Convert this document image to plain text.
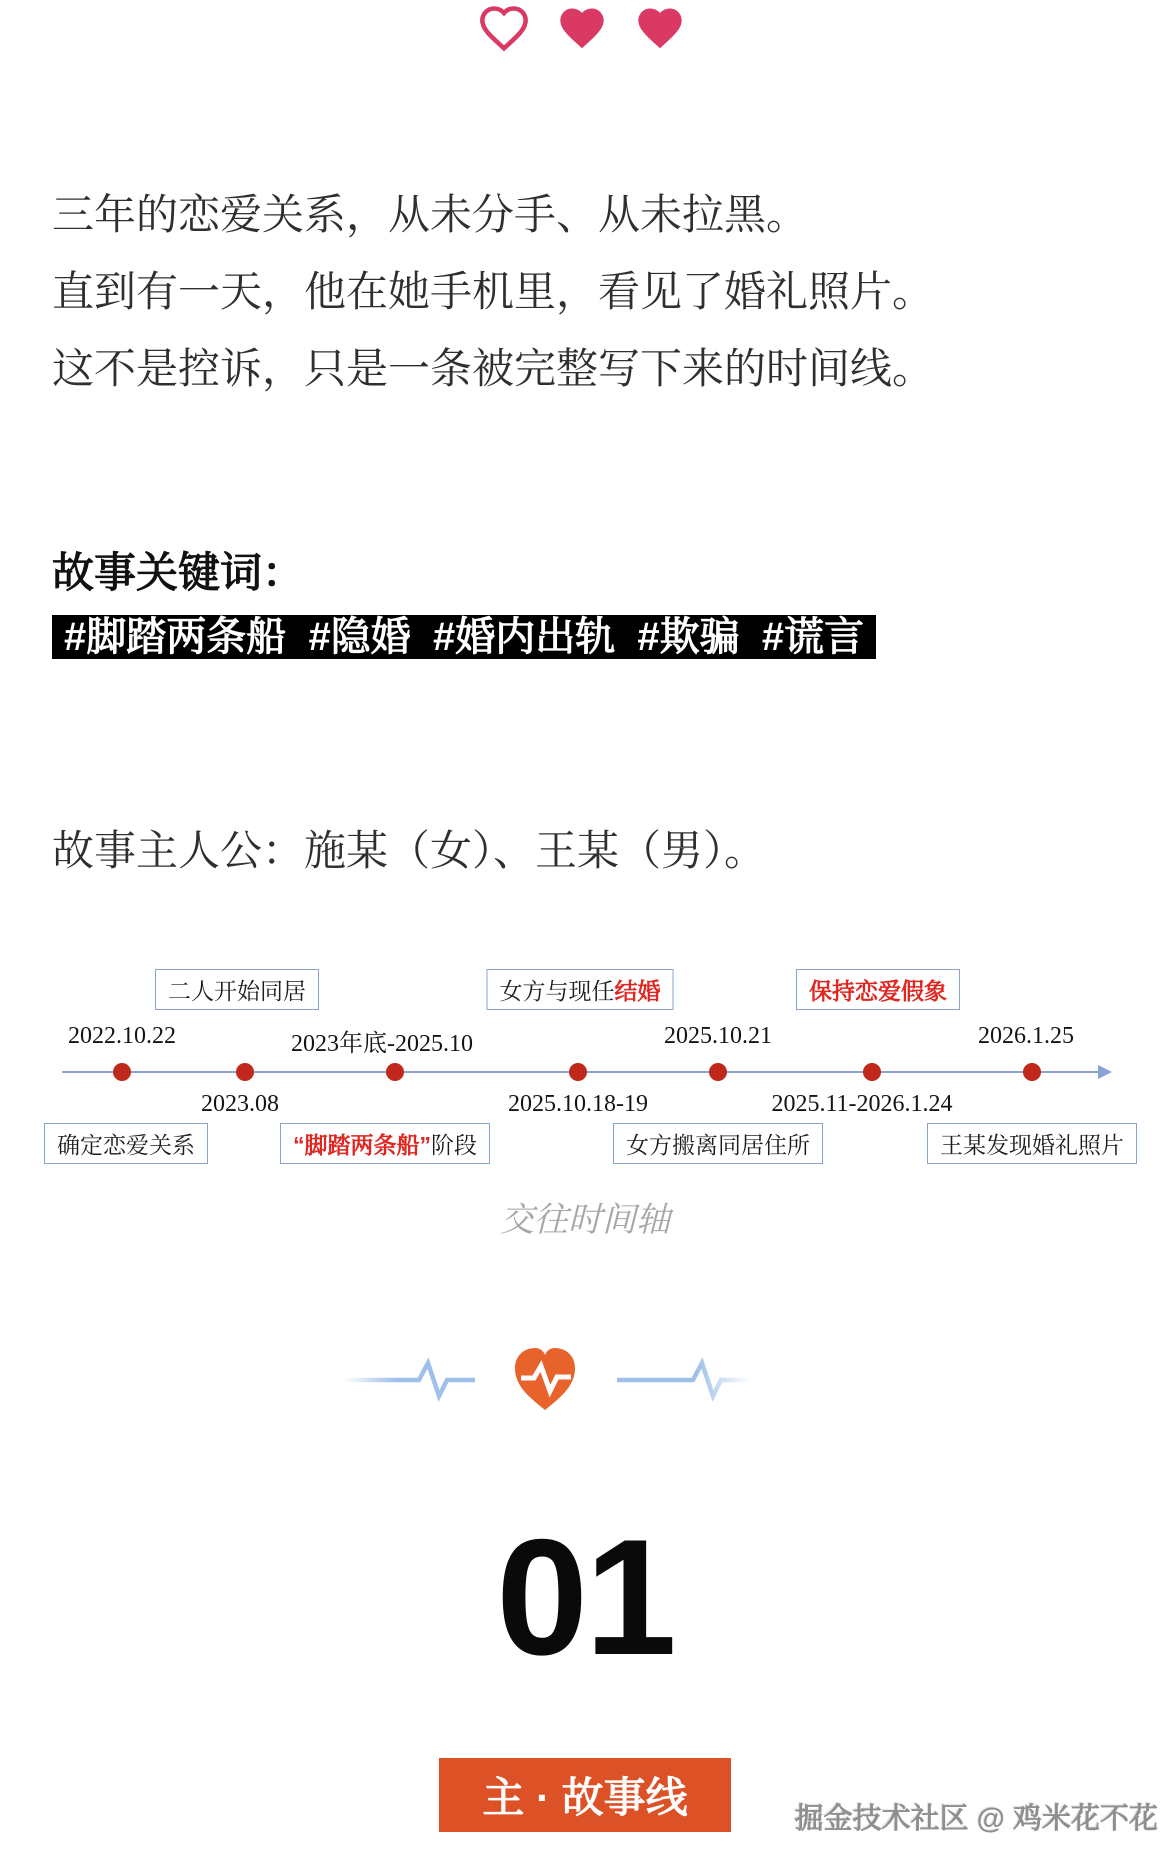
三年的恋爱关系，从未分手、从未拉黑。
直到有一天，他在她手机里，看见了婚礼照片。
这不是控诉，只是一条被完整写下来的时间线。
故事关键词：
#脚踏两条船  #隐婚  #婚内出轨  #欺骗  #谎言
故事主人公：施某（女）、王某（男）。
2022.10.22
2023.08
2023年底-2025.10
2025.10.18-19
2025.10.21
2025.11-2026.1.24
2026.1.25
确定恋爱关系
二人开始同居
“脚踏两条船”阶段
女方与现任结婚
女方搬离同居住所
保持恋爱假象
王某发现婚礼照片
交往时间轴
01
主 · 故事线	掘金技术社区 @ 鸡米花不花
